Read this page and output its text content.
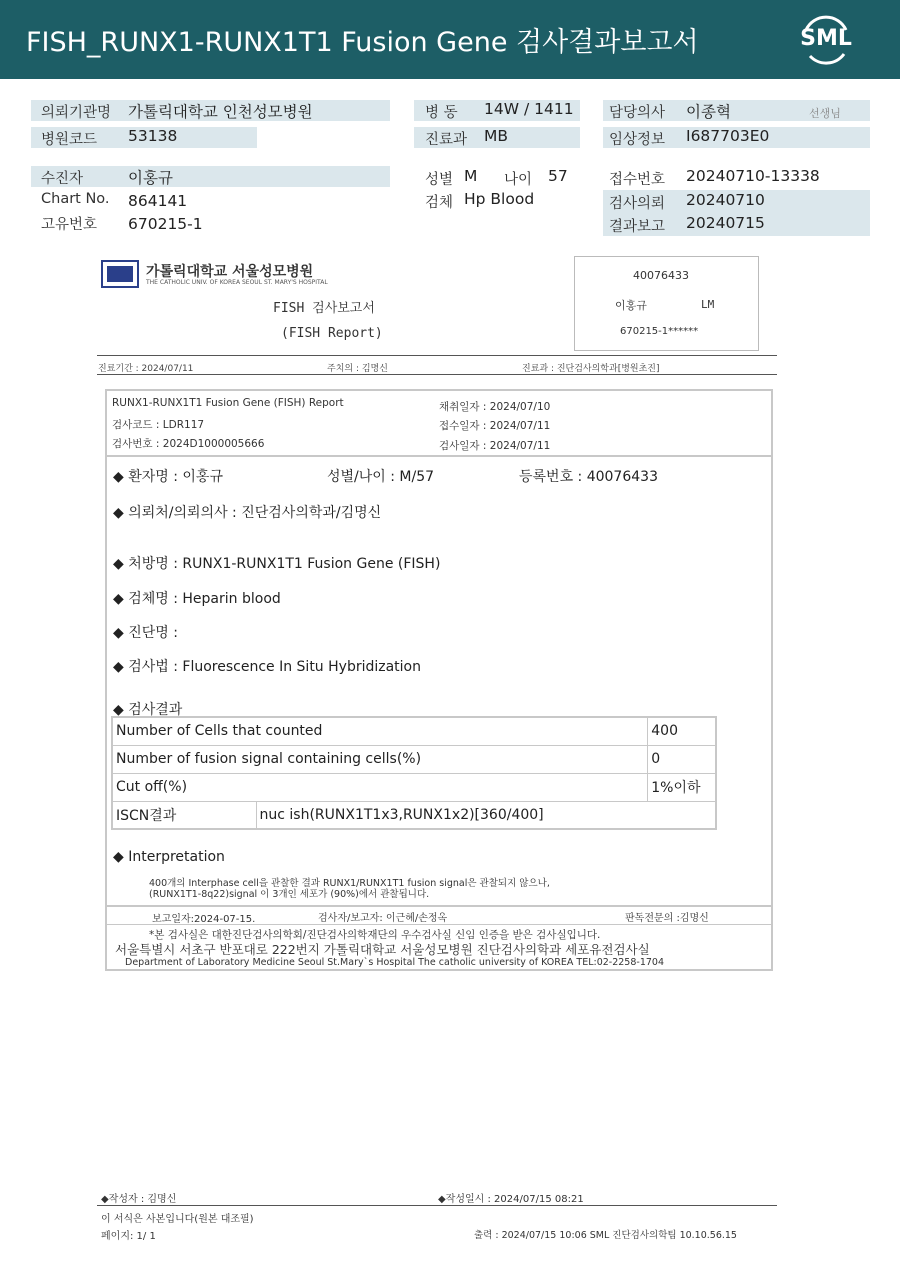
FISH_RUNX1-RUNX1T1 Fusion Gene 검사결과보고서	SML
의뢰기관명 가톨릭대학교 인천성모병원
병원코드 53138
병 동 14W / 1411
진료과 MB
담당의사 이종혁	선생님
임상정보 I687703E0
수진자	이홍규
Chart No. 864141
고유번호 670215-1
성별 M 나이 57
검체 Hp Blood
접수번호 20240710-13338
검사의뢰 20240710
결과보고 20240715
가톨릭대학교 서울성모병원
THE CATHOLIC UNIV. OF KOREA SEOUL ST. MARY'S HOSPITAL
FISH 검사보고서
(FISH Report)
40076433
이홍규	LM
670215-1******
진료기간 : 2024/07/11	주치의 : 김명신	진료과 : 진단검사의학과[병원초진]
RUNX1-RUNX1T1 Fusion Gene (FISH) Report
검사코드 : LDR117
검사번호 : 2024D1000005666
채취일자 : 2024/07/10
접수일자 : 2024/07/11
검사일자 : 2024/07/11
◆ 환자명 : 이홍규	성별/나이 : M/57	등록번호 : 40076433
◆ 의뢰처/의뢰의사 : 진단검사의학과/김명신
◆ 처방명 : RUNX1-RUNX1T1 Fusion Gene (FISH)
◆ 검체명 : Heparin blood
◆ 진단명 :
◆ 검사법 : Fluorescence In Situ Hybridization
◆ 검사결과
Number of Cells that counted		400
Number of fusion signal containing cells(%)		0
Cut off(%)		1%이하
ISCN결과	nuc ish(RUNX1T1x3,RUNX1x2)[360/400]	
◆ Interpretation
400개의 Interphase cell을 관찰한 결과 RUNX1/RUNX1T1 fusion signal은 관찰되지 않으나,
(RUNX1T1-8q22)signal 이 3개인 세포가 (90%)에서 관찰됩니다.
보고일자:2024-07-15.	검사자/보고자: 이근혜/손정옥	판독전문의 :김명신
*본 검사실은 대한진단검사의학회/진단검사의학재단의 우수검사실 신임 인증을 받은 검사실입니다.
서울특별시 서초구 반포대로 222번지 가톨릭대학교 서울성모병원 진단검사의학과 세포유전검사실
Department of Laboratory Medicine Seoul St.Mary`s Hospital The catholic university of KOREA TEL:02-2258-1704
◆작성자 : 김명신	◆작성일시 : 2024/07/15 08:21
이 서식은 사본입니다(원본 대조필)
페이지: 1/ 1	출력 : 2024/07/15 10:06 SML 진단검사의학팀 10.10.56.15
